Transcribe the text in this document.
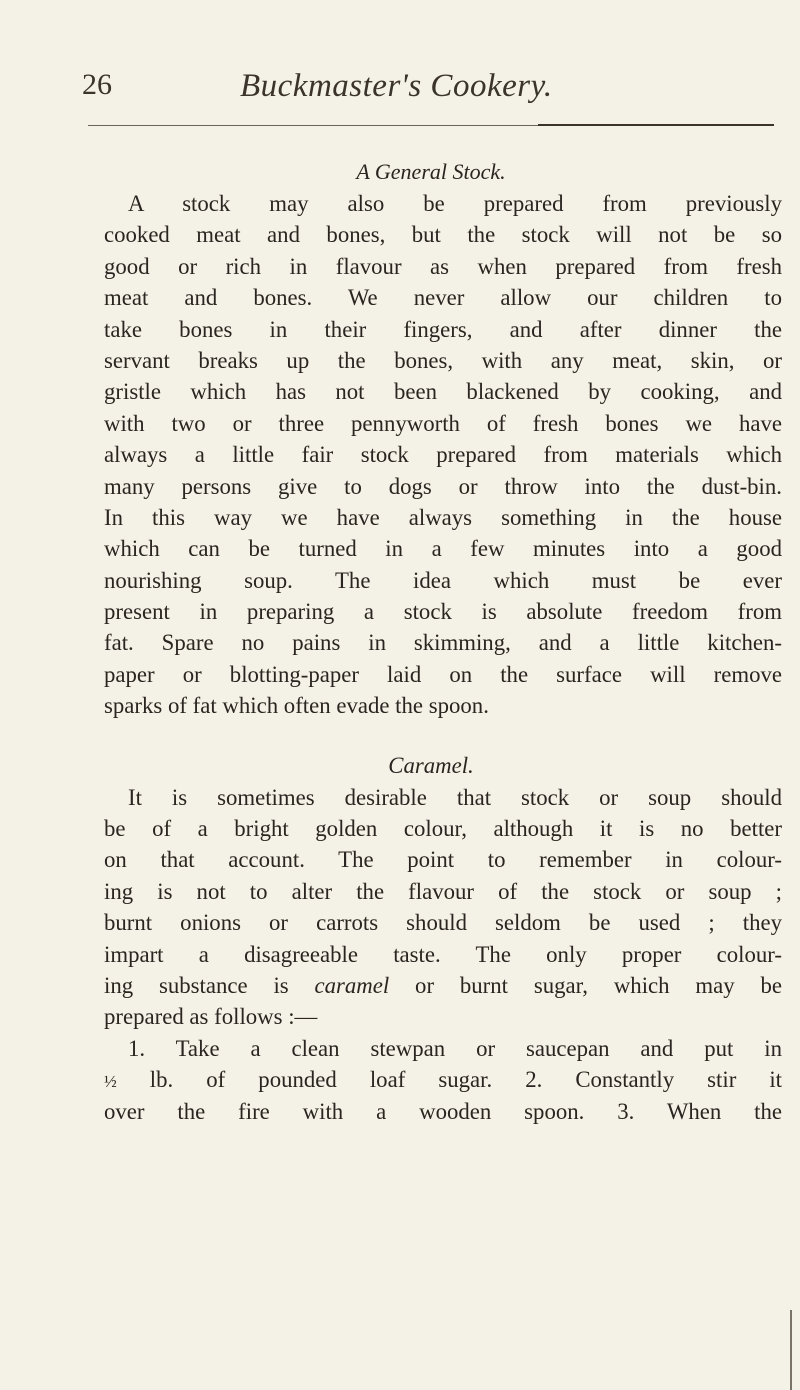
26	Buckmaster's Cookery.
A General Stock.
A stock may also be prepared from previously
cooked meat and bones, but the stock will not be so
good or rich in flavour as when prepared from fresh
meat and bones. We never allow our children to
take bones in their fingers, and after dinner the
servant breaks up the bones, with any meat, skin, or
gristle which has not been blackened by cooking, and
with two or three pennyworth of fresh bones we have
always a little fair stock prepared from materials which
many persons give to dogs or throw into the dust-bin.
In this way we have always something in the house
which can be turned in a few minutes into a good
nourishing soup. The idea which must be ever
present in preparing a stock is absolute freedom from
fat. Spare no pains in skimming, and a little kitchen-
paper or blotting-paper laid on the surface will remove
sparks of fat which often evade the spoon.
Caramel.
It is sometimes desirable that stock or soup should
be of a bright golden colour, although it is no better
on that account. The point to remember in colour-
ing is not to alter the flavour of the stock or soup ;
burnt onions or carrots should seldom be used ; they
impart a disagreeable taste. The only proper colour-
ing substance is caramel or burnt sugar, which may be
prepared as follows :—
1. Take a clean stewpan or saucepan and put in
½ lb. of pounded loaf sugar. 2. Constantly stir it
over the fire with a wooden spoon. 3. When the
